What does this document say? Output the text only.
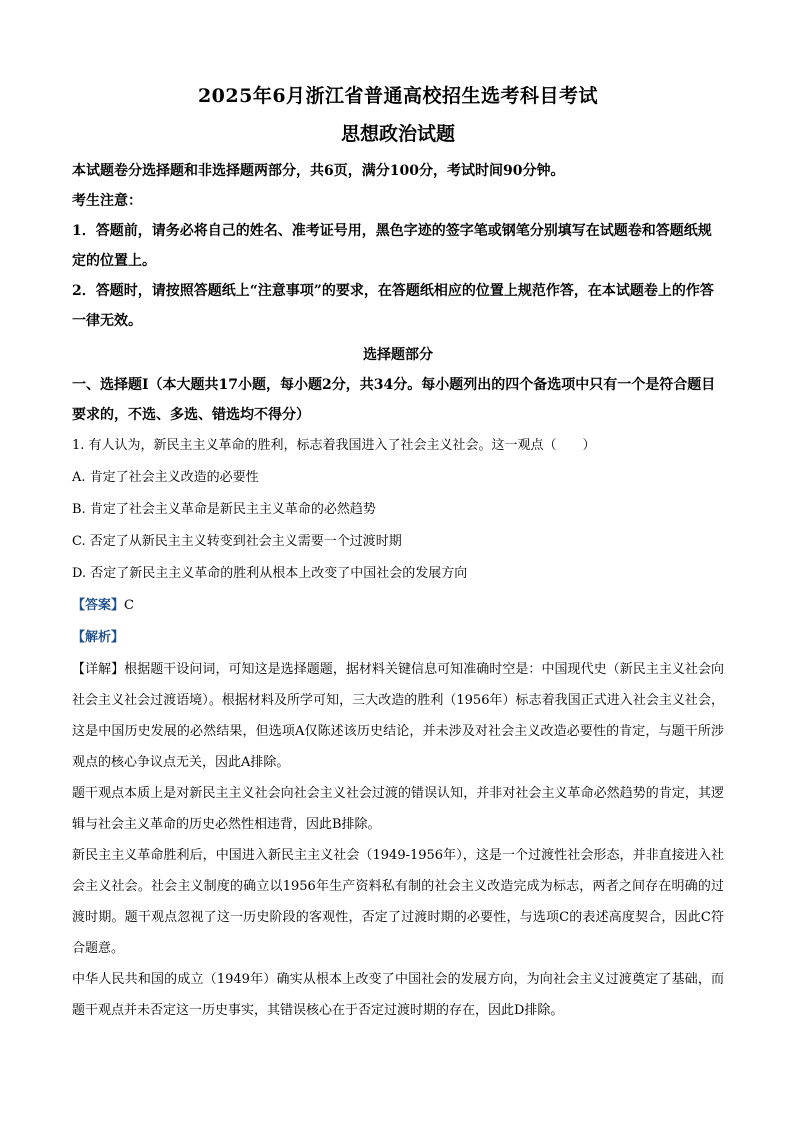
2025年6月浙江省普通高校招生选考科目考试
思想政治试题

本试题卷分选择题和非选择题两部分，共6页，满分100分，考试时间90分钟。

考生注意：

1．答题前，请务必将自己的姓名、准考证号用，黑色字迹的签字笔或钢笔分别填写在试题卷和答题纸规定的位置上。

2．答题时，请按照答题纸上“注意事项”的要求，在答题纸相应的位置上规范作答，在本试题卷上的作答一律无效。

选择题部分

一、选择题Ⅰ（本大题共17小题，每小题2分，共34分。每小题列出的四个备选项中只有一个是符合题目要求的，不选、多选、错选均不得分）

1. 有人认为，新民主主义革命的胜利，标志着我国进入了社会主义社会。这一观点（　　）

A. 肯定了社会主义改造的必要性

B. 肯定了社会主义革命是新民主主义革命的必然趋势

C. 否定了从新民主主义转变到社会主义需要一个过渡时期

D. 否定了新民主主义革命的胜利从根本上改变了中国社会的发展方向

【答案】C

【解析】

【详解】根据题干设问词，可知这是选择题题，据材料关键信息可知准确时空是：中国现代史（新民主主义社会向社会主义社会过渡语境）。根据材料及所学可知，三大改造的胜利（1956年）标志着我国正式进入社会主义社会，这是中国历史发展的必然结果，但选项A仅陈述该历史结论，并未涉及对社会主义改造必要性的肯定，与题干所涉观点的核心争议点无关，因此A排除。

题干观点本质上是对新民主主义社会向社会主义社会过渡的错误认知，并非对社会主义革命必然趋势的肯定，其逻辑与社会主义革命的历史必然性相违背，因此B排除。

新民主主义革命胜利后，中国进入新民主主义社会（1949-1956年），这是一个过渡性社会形态，并非直接进入社会主义社会。社会主义制度的确立以1956年生产资料私有制的社会主义改造完成为标志，两者之间存在明确的过渡时期。题干观点忽视了这一历史阶段的客观性，否定了过渡时期的必要性，与选项C的表述高度契合，因此C符合题意。

中华人民共和国的成立（1949年）确实从根本上改变了中国社会的发展方向，为向社会主义过渡奠定了基础，而题干观点并未否定这一历史事实，其错误核心在于否定过渡时期的存在，因此D排除。
